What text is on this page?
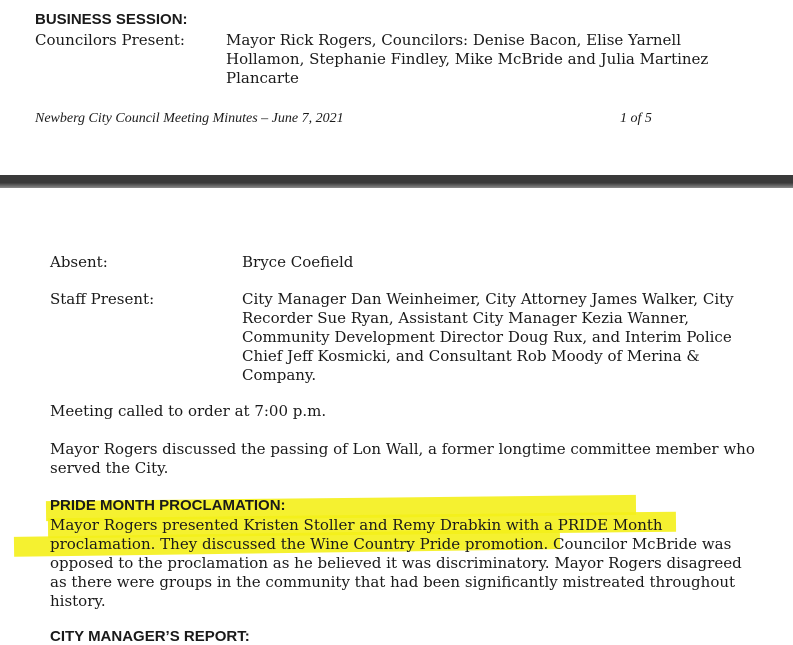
BUSINESS SESSION:
Councilors Present:	Mayor Rick Rogers, Councilors: Denise Bacon, Elise Yarnell
Hollamon, Stephanie Findley, Mike McBride and Julia Martinez
Plancarte
Newberg City Council Meeting Minutes – June 7, 2021	1 of 5
Absent:	Bryce Coefield
Staff Present:	City Manager Dan Weinheimer, City Attorney James Walker, City
Recorder Sue Ryan, Assistant City Manager Kezia Wanner,
Community Development Director Doug Rux, and Interim Police
Chief Jeff Kosmicki, and Consultant Rob Moody of Merina &
Company.
Meeting called to order at 7:00 p.m.
Mayor Rogers discussed the passing of Lon Wall, a former longtime committee member who
served the City.
PRIDE MONTH PROCLAMATION:
Mayor Rogers presented Kristen Stoller and Remy Drabkin with a PRIDE Month
proclamation. They discussed the Wine Country Pride promotion. Councilor McBride was
opposed to the proclamation as he believed it was discriminatory. Mayor Rogers disagreed
as there were groups in the community that had been significantly mistreated throughout
history.
CITY MANAGER’S REPORT:
